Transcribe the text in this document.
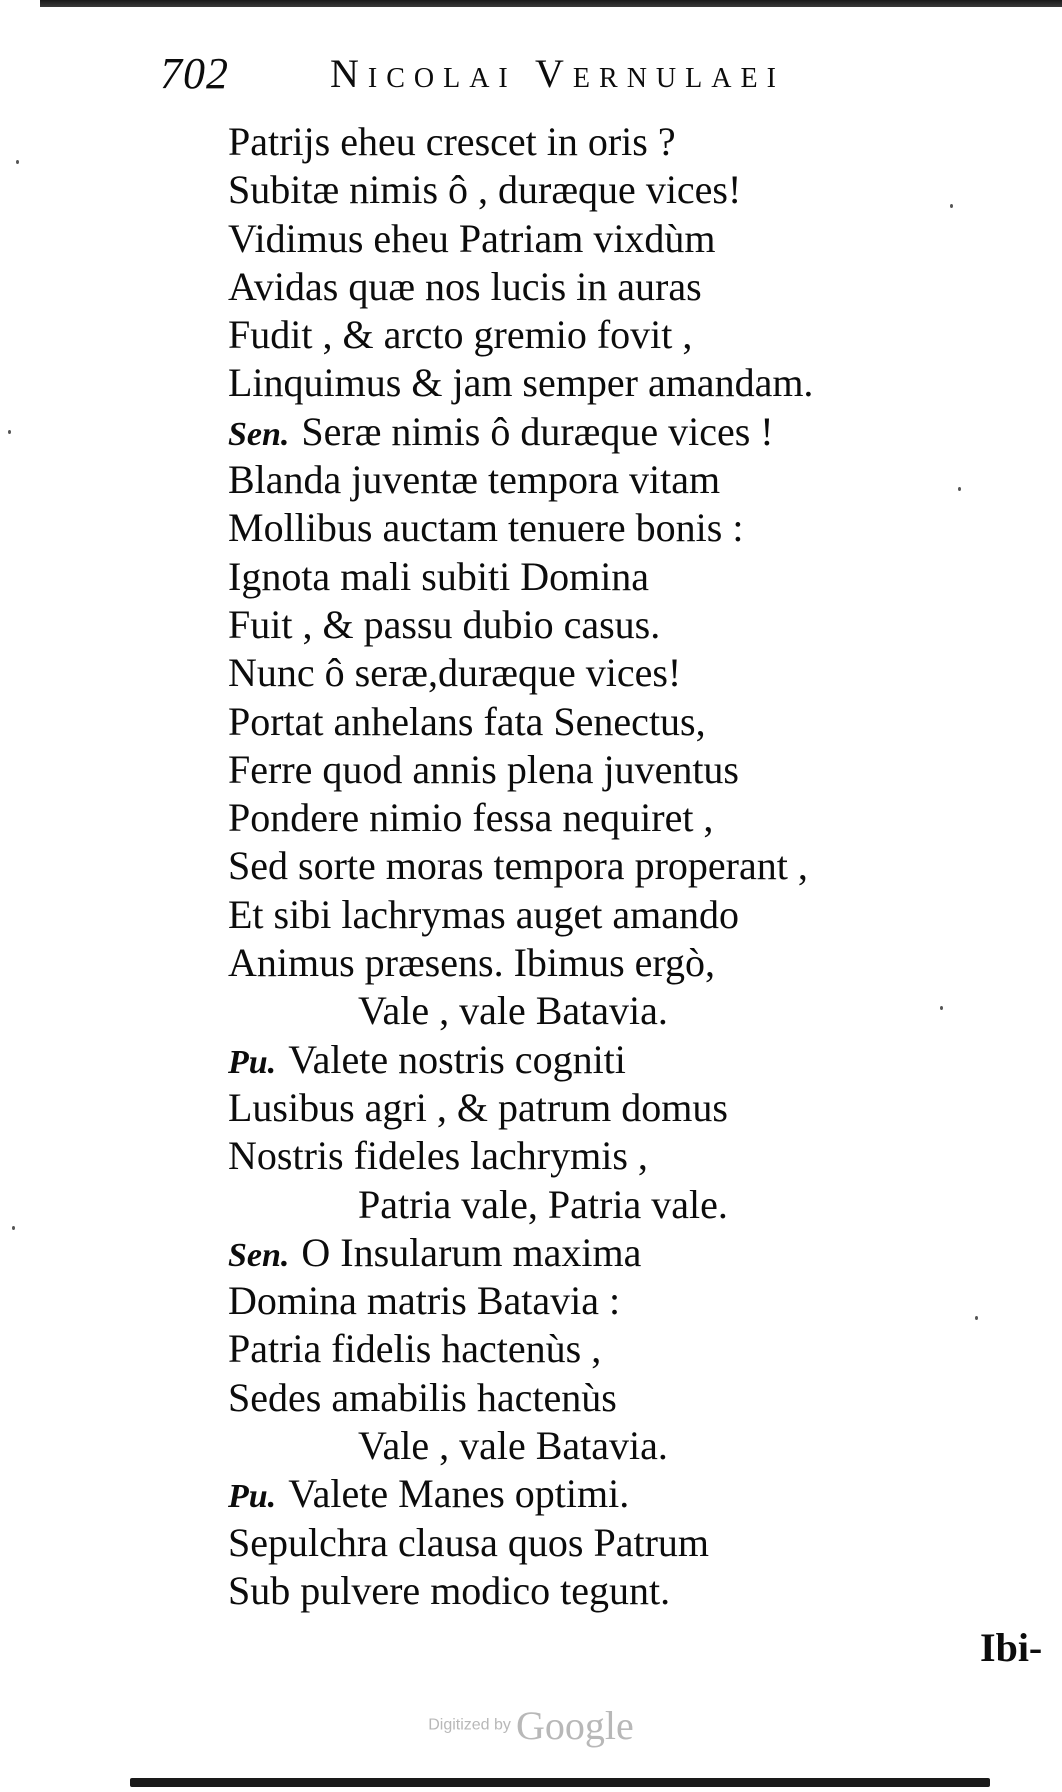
702	Nicolai Vernulaei
Patrijs eheu crescet in oris ?
Subitæ nimis ô , duræque vices!
Vidimus eheu Patriam vixdùm
Avidas quæ nos lucis in auras
Fudit , & arcto gremio fovit ,
Linquimus & jam semper amandam.
Sen. Seræ nimis ô duræque vices !
Blanda juventæ tempora vitam
Mollibus auctam tenuere bonis :
Ignota mali subiti Domina
Fuit , & passu dubio casus.
Nunc ô seræ,duræque vices!
Portat anhelans fata Senectus,
Ferre quod annis plena juventus
Pondere nimio fessa nequiret ,
Sed sorte moras tempora properant ,
Et sibi lachrymas auget amando
Animus præsens. Ibimus ergò,
Vale , vale Batavia.
Pu. Valete nostris cogniti
Lusibus agri , & patrum domus
Nostris fideles lachrymis ,
Patria vale, Patria vale.
Sen. O Insularum maxima
Domina matris Batavia :
Patria fidelis hactenùs ,
Sedes amabilis hactenùs
Vale , vale Batavia.
Pu. Valete Manes optimi.
Sepulchra clausa quos Patrum
Sub pulvere modico tegunt.
Ibi-
Digitized by Google
